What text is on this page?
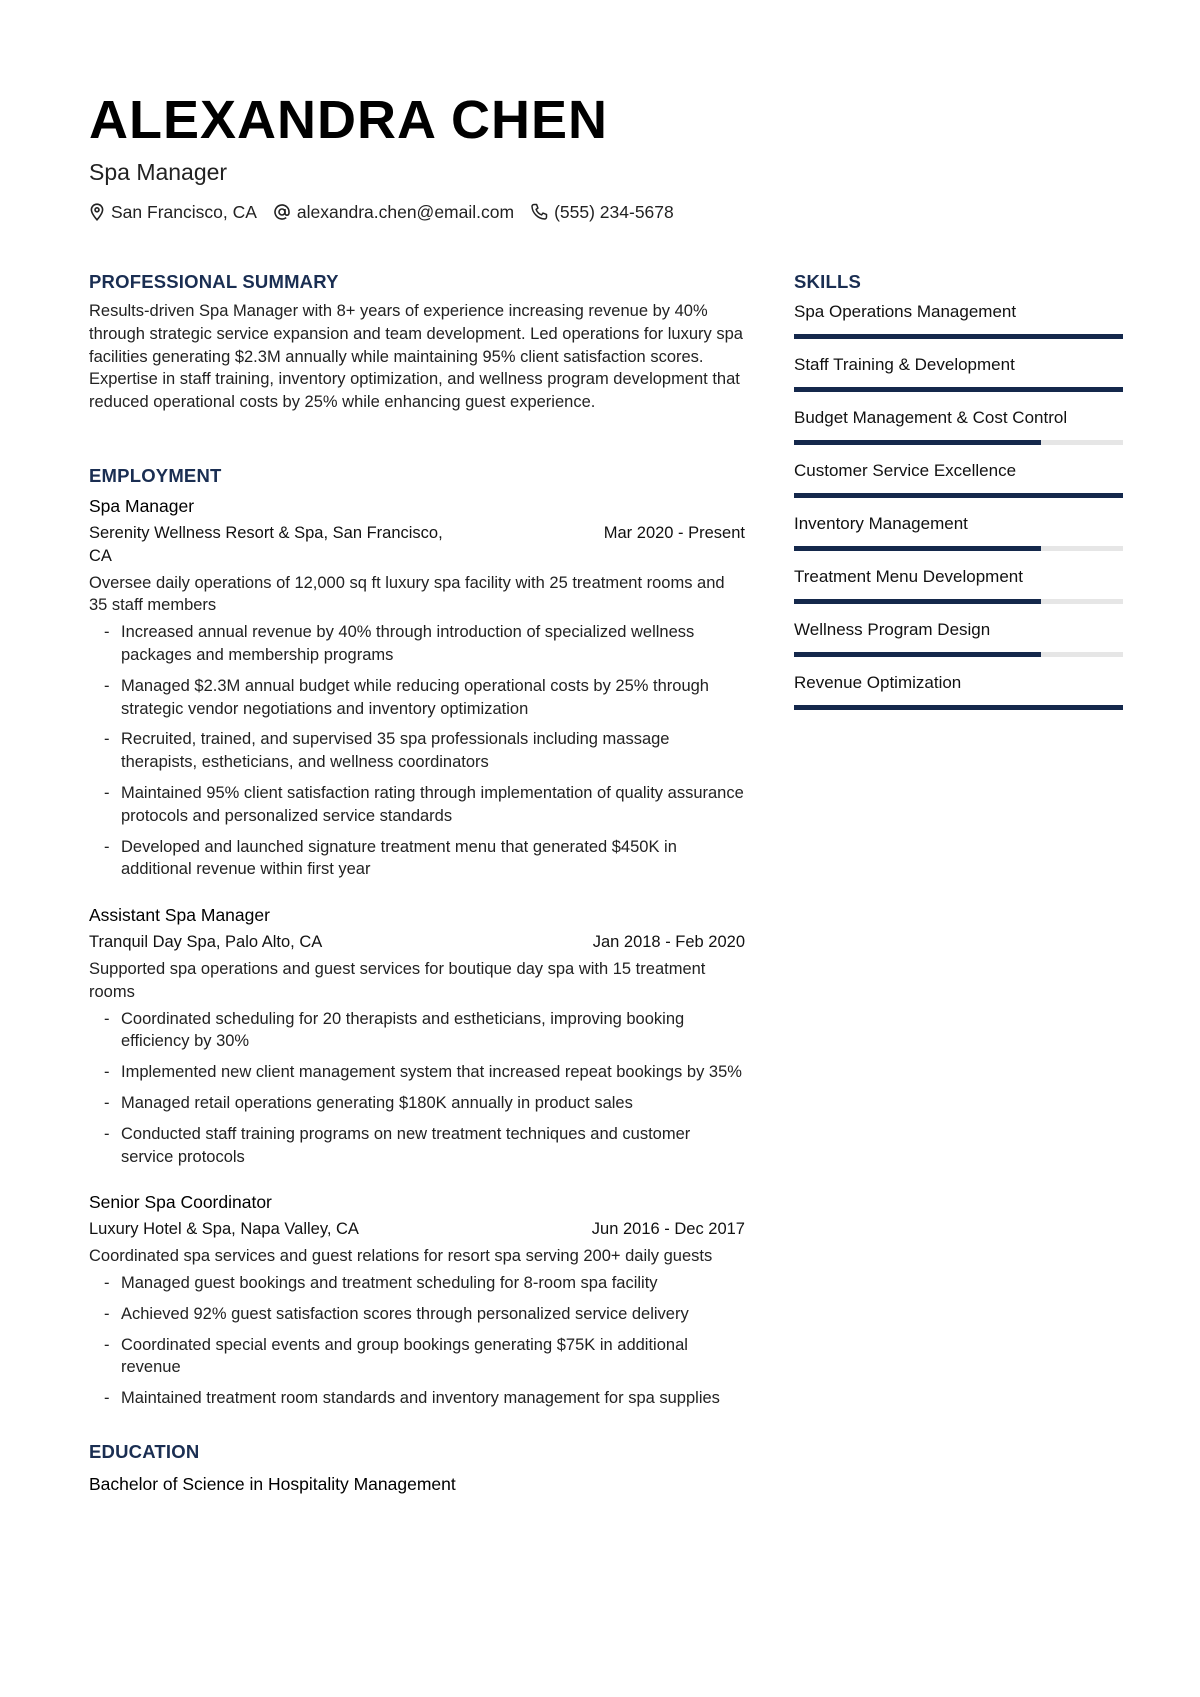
ALEXANDRA CHEN
Spa Manager
San Francisco, CA alexandra.chen@email.com (555) 234-5678
PROFESSIONAL SUMMARY

Results-driven Spa Manager with 8+ years of experience increasing revenue by 40% through strategic service expansion and team development. Led operations for luxury spa facilities generating $2.3M annually while maintaining 95% client satisfaction scores. Expertise in staff training, inventory optimization, and wellness program development that reduced operational costs by 25% while enhancing guest experience.

EMPLOYMENT
Spa Manager
Serenity Wellness Resort & Spa, San Francisco, CA
Mar 2020 - Present
Oversee daily operations of 12,000 sq ft luxury spa facility with 25 treatment rooms and 35 staff members
- Increased annual revenue by 40% through introduction of specialized wellness packages and membership programs
- Managed $2.3M annual budget while reducing operational costs by 25% through strategic vendor negotiations and inventory optimization
- Recruited, trained, and supervised 35 spa professionals including massage therapists, estheticians, and wellness coordinators
- Maintained 95% client satisfaction rating through implementation of quality assurance protocols and personalized service standards
- Developed and launched signature treatment menu that generated $450K in additional revenue within first year
Assistant Spa Manager
Tranquil Day Spa, Palo Alto, CA	Jan 2018 - Feb 2020
Supported spa operations and guest services for boutique day spa with 15 treatment rooms
- Coordinated scheduling for 20 therapists and estheticians, improving booking efficiency by 30%
- Implemented new client management system that increased repeat bookings by 35%
- Managed retail operations generating $180K annually in product sales
- Conducted staff training programs on new treatment techniques and customer service protocols
Senior Spa Coordinator
Luxury Hotel & Spa, Napa Valley, CA	Jun 2016 - Dec 2017
Coordinated spa services and guest relations for resort spa serving 200+ daily guests
- Managed guest bookings and treatment scheduling for 8-room spa facility
- Achieved 92% guest satisfaction scores through personalized service delivery
- Coordinated special events and group bookings generating $75K in additional revenue
- Maintained treatment room standards and inventory management for spa supplies
EDUCATION
Bachelor of Science in Hospitality Management
SKILLS
Spa Operations Management
Staff Training & Development
Budget Management & Cost Control
Customer Service Excellence
Inventory Management
Treatment Menu Development
Wellness Program Design
Revenue Optimization
